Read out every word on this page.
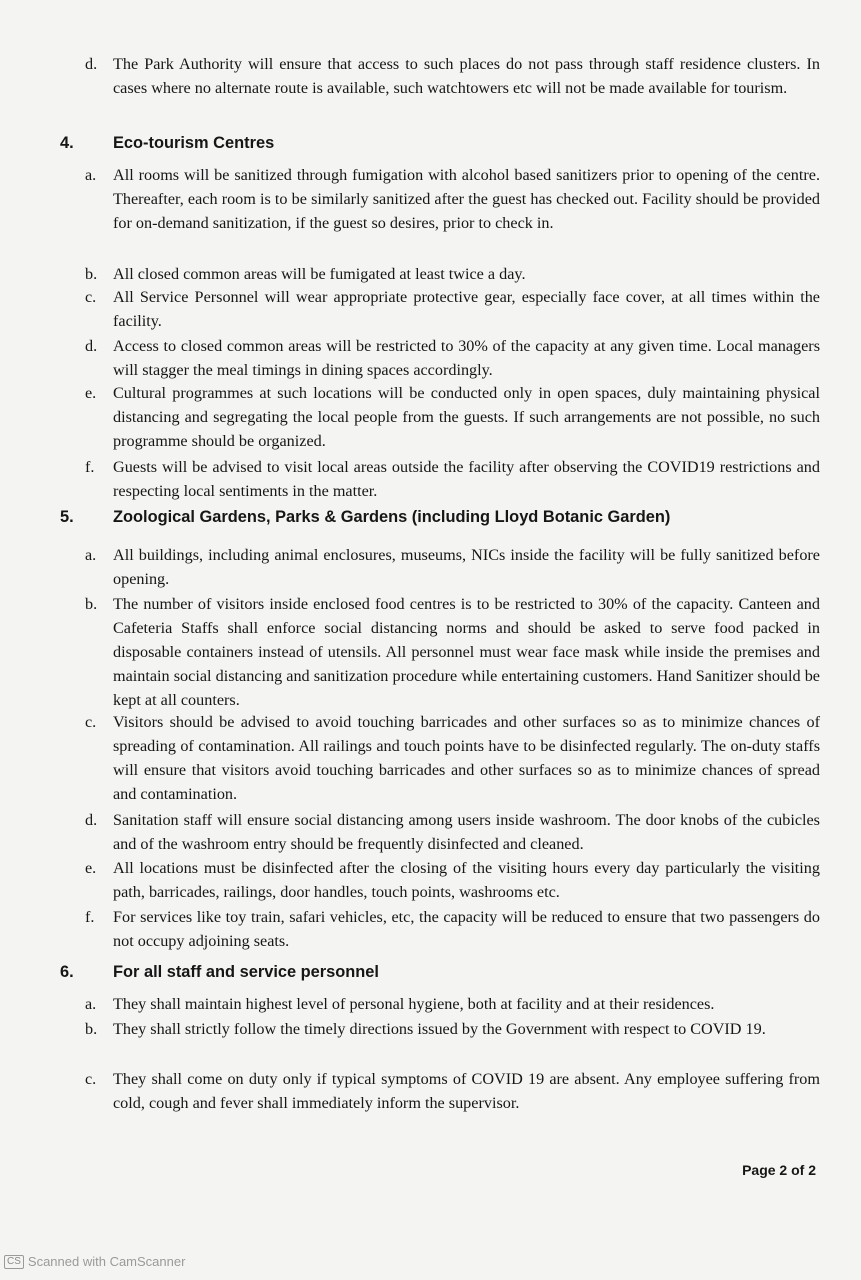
d. The Park Authority will ensure that access to such places do not pass through staff residence clusters. In cases where no alternate route is available, such watchtowers etc will not be made available for tourism.
4. Eco-tourism Centres
a.	All rooms will be sanitized through fumigation with alcohol based sanitizers prior to opening of the centre. Thereafter, each room is to be similarly sanitized after the guest has checked out. Facility should be provided for on-demand sanitization, if the guest so desires, prior to check in.
b. All closed common areas will be fumigated at least twice a day.
c.	All Service Personnel will wear appropriate protective gear, especially face cover, at all times within the facility.
d. Access to closed common areas will be restricted to 30% of the capacity at any given time. Local managers will stagger the meal timings in dining spaces accordingly.
e.	Cultural programmes at such locations will be conducted only in open spaces, duly maintaining physical distancing and segregating the local people from the guests. If such arrangements are not possible, no such programme should be organized.
f.	Guests will be advised to visit local areas outside the facility after observing the COVID19 restrictions and respecting local sentiments in the matter.
5. Zoological Gardens, Parks & Gardens (including Lloyd Botanic Garden)
a.	All buildings, including animal enclosures, museums, NICs inside the facility will be fully sanitized before opening.
b. The number of visitors inside enclosed food centres is to be restricted to 30% of the capacity. Canteen and Cafeteria Staffs shall enforce social distancing norms and should be asked to serve food packed in disposable containers instead of utensils. All personnel must wear face mask while inside the premises and maintain social distancing and sanitization procedure while entertaining customers. Hand Sanitizer should be kept at all counters.
c.	Visitors should be advised to avoid touching barricades and other surfaces so as to minimize chances of spreading of contamination. All railings and touch points have to be disinfected regularly. The on-duty staffs will ensure that visitors avoid touching barricades and other surfaces so as to minimize chances of spread and contamination.
d. Sanitation staff will ensure social distancing among users inside washroom. The door knobs of the cubicles and of the washroom entry should be frequently disinfected and cleaned.
e.	All locations must be disinfected after the closing of the visiting hours every day particularly the visiting path, barricades, railings, door handles, touch points, washrooms etc.
f.	For services like toy train, safari vehicles, etc, the capacity will be reduced to ensure that two passengers do not occupy adjoining seats.
6. For all staff and service personnel
a.	They shall maintain highest level of personal hygiene, both at facility and at their residences.
b. They shall strictly follow the timely directions issued by the Government with respect to COVID 19.
c.	They shall come on duty only if typical symptoms of COVID 19 are absent. Any employee suffering from cold, cough and fever shall immediately inform the supervisor.
Page 2 of 2
CS Scanned with CamScanner
